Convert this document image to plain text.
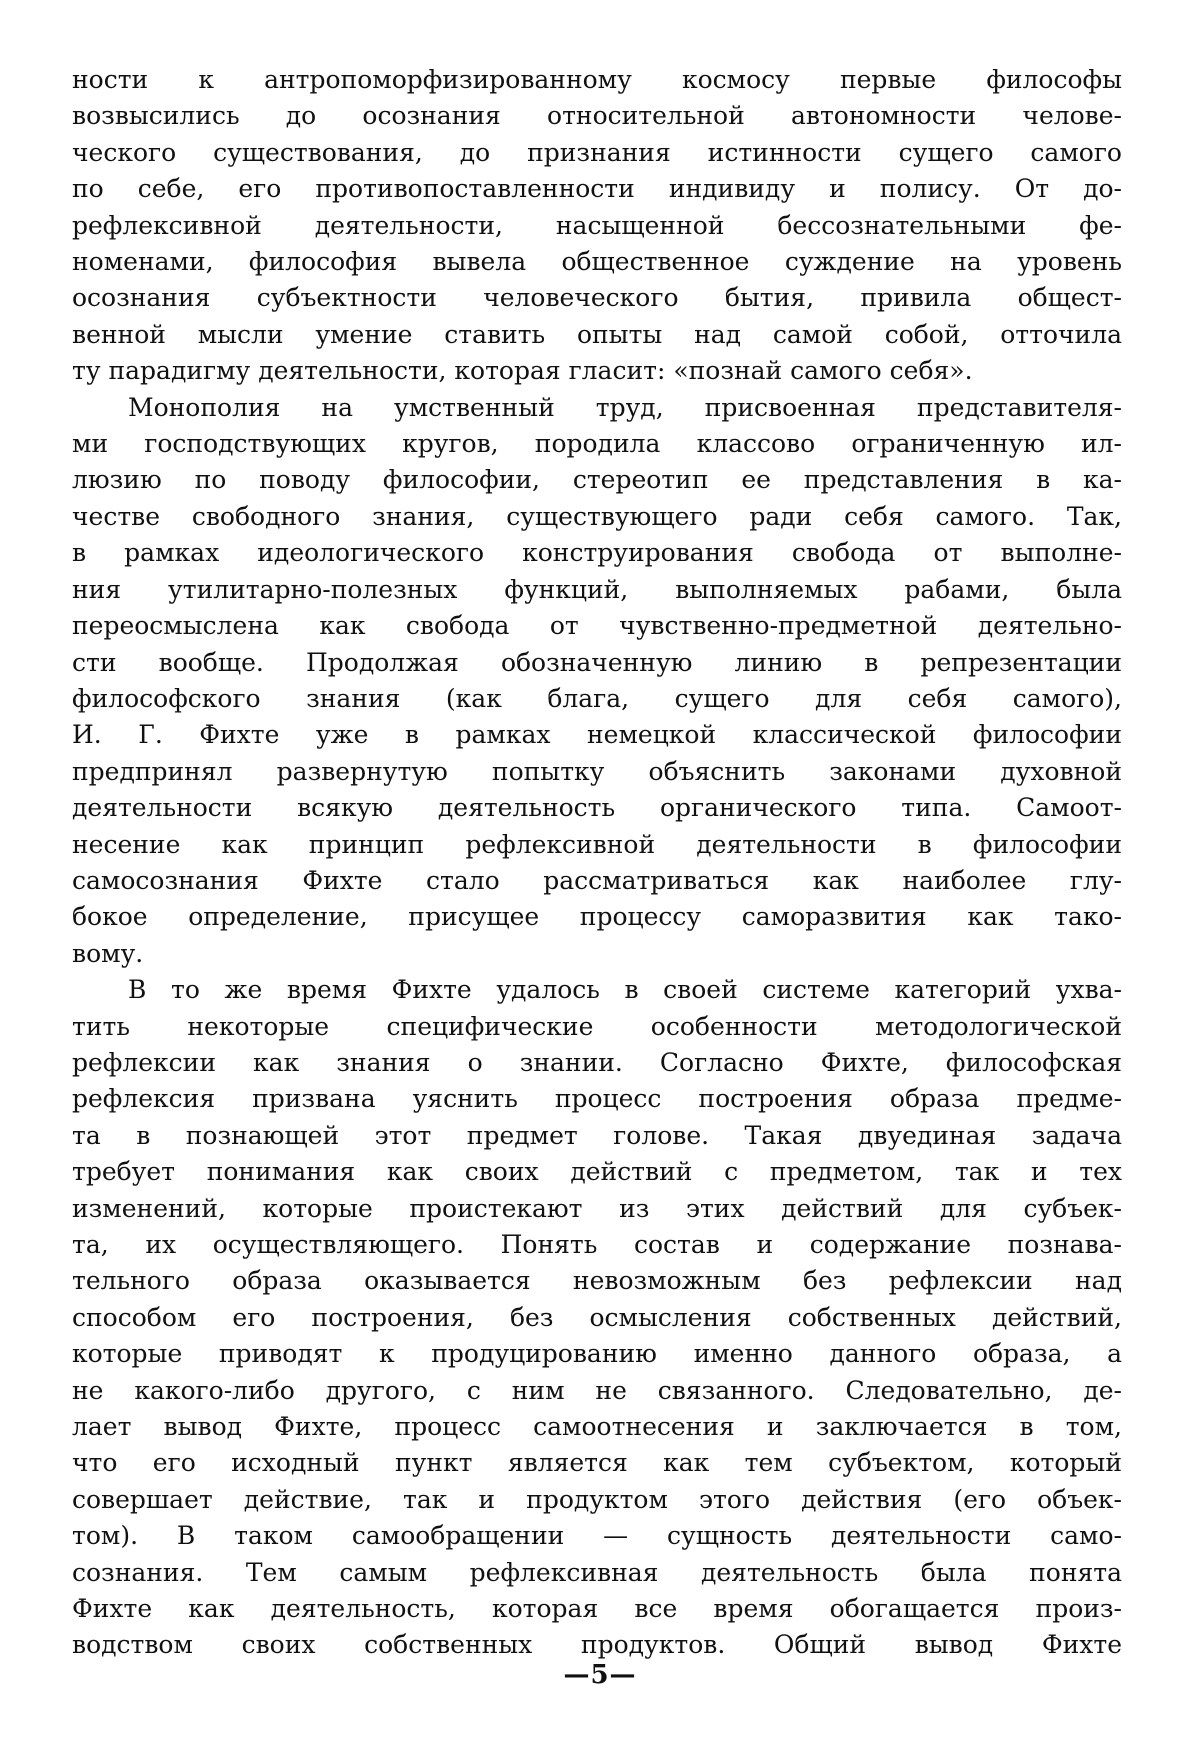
ности к антропоморфизированному космосу первые философы
возвысились до осознания относительной автономности челове-
ческого существования, до признания истинности сущего самого
по себе, его противопоставленности индивиду и полису. От до-
рефлексивной деятельности, насыщенной бессознательными фе-
номенами, философия вывела общественное суждение на уровень
осознания субъектности человеческого бытия, привила общест-
венной мысли умение ставить опыты над самой собой, отточила
ту парадигму деятельности, которая гласит: «познай самого себя».

Монополия на умственный труд, присвоенная представителя-
ми господствующих кругов, породила классово ограниченную ил-
люзию по поводу философии, стереотип ее представления в ка-
честве свободного знания, существующего ради себя самого. Так,
в рамках идеологического конструирования свобода от выполне-
ния утилитарно-полезных функций, выполняемых рабами, была
переосмыслена как свобода от чувственно-предметной деятельно-
сти вообще. Продолжая обозначенную линию в репрезентации
философского знания (как блага, сущего для себя самого),
И. Г. Фихте уже в рамках немецкой классической философии
предпринял развернутую попытку объяснить законами духовной
деятельности всякую деятельность органического типа. Самоот-
несение как принцип рефлексивной деятельности в философии
самосознания Фихте стало рассматриваться как наиболее глу-
бокое определение, присущее процессу саморазвития как тако-
вому.

В то же время Фихте удалось в своей системе категорий ухва-
тить некоторые специфические особенности методологической
рефлексии как знания о знании. Согласно Фихте, философская
рефлексия призвана уяснить процесс построения образа предме-
та в познающей этот предмет голове. Такая двуединая задача
требует понимания как своих действий с предметом, так и тех
изменений, которые проистекают из этих действий для субъек-
та, их осуществляющего. Понять состав и содержание познава-
тельного образа оказывается невозможным без рефлексии над
способом его построения, без осмысления собственных действий,
которые приводят к продуцированию именно данного образа, а
не какого-либо другого, с ним не связанного. Следовательно, де-
лает вывод Фихте, процесс самоотнесения и заключается в том,
что его исходный пункт является как тем субъектом, который
совершает действие, так и продуктом этого действия (его объек-
том). В таком самообращении — сущность деятельности само-
сознания. Тем самым рефлексивная деятельность была понята
Фихте как деятельность, которая все время обогащается произ-
водством своих собственных продуктов. Общий вывод Фихте

—5—
